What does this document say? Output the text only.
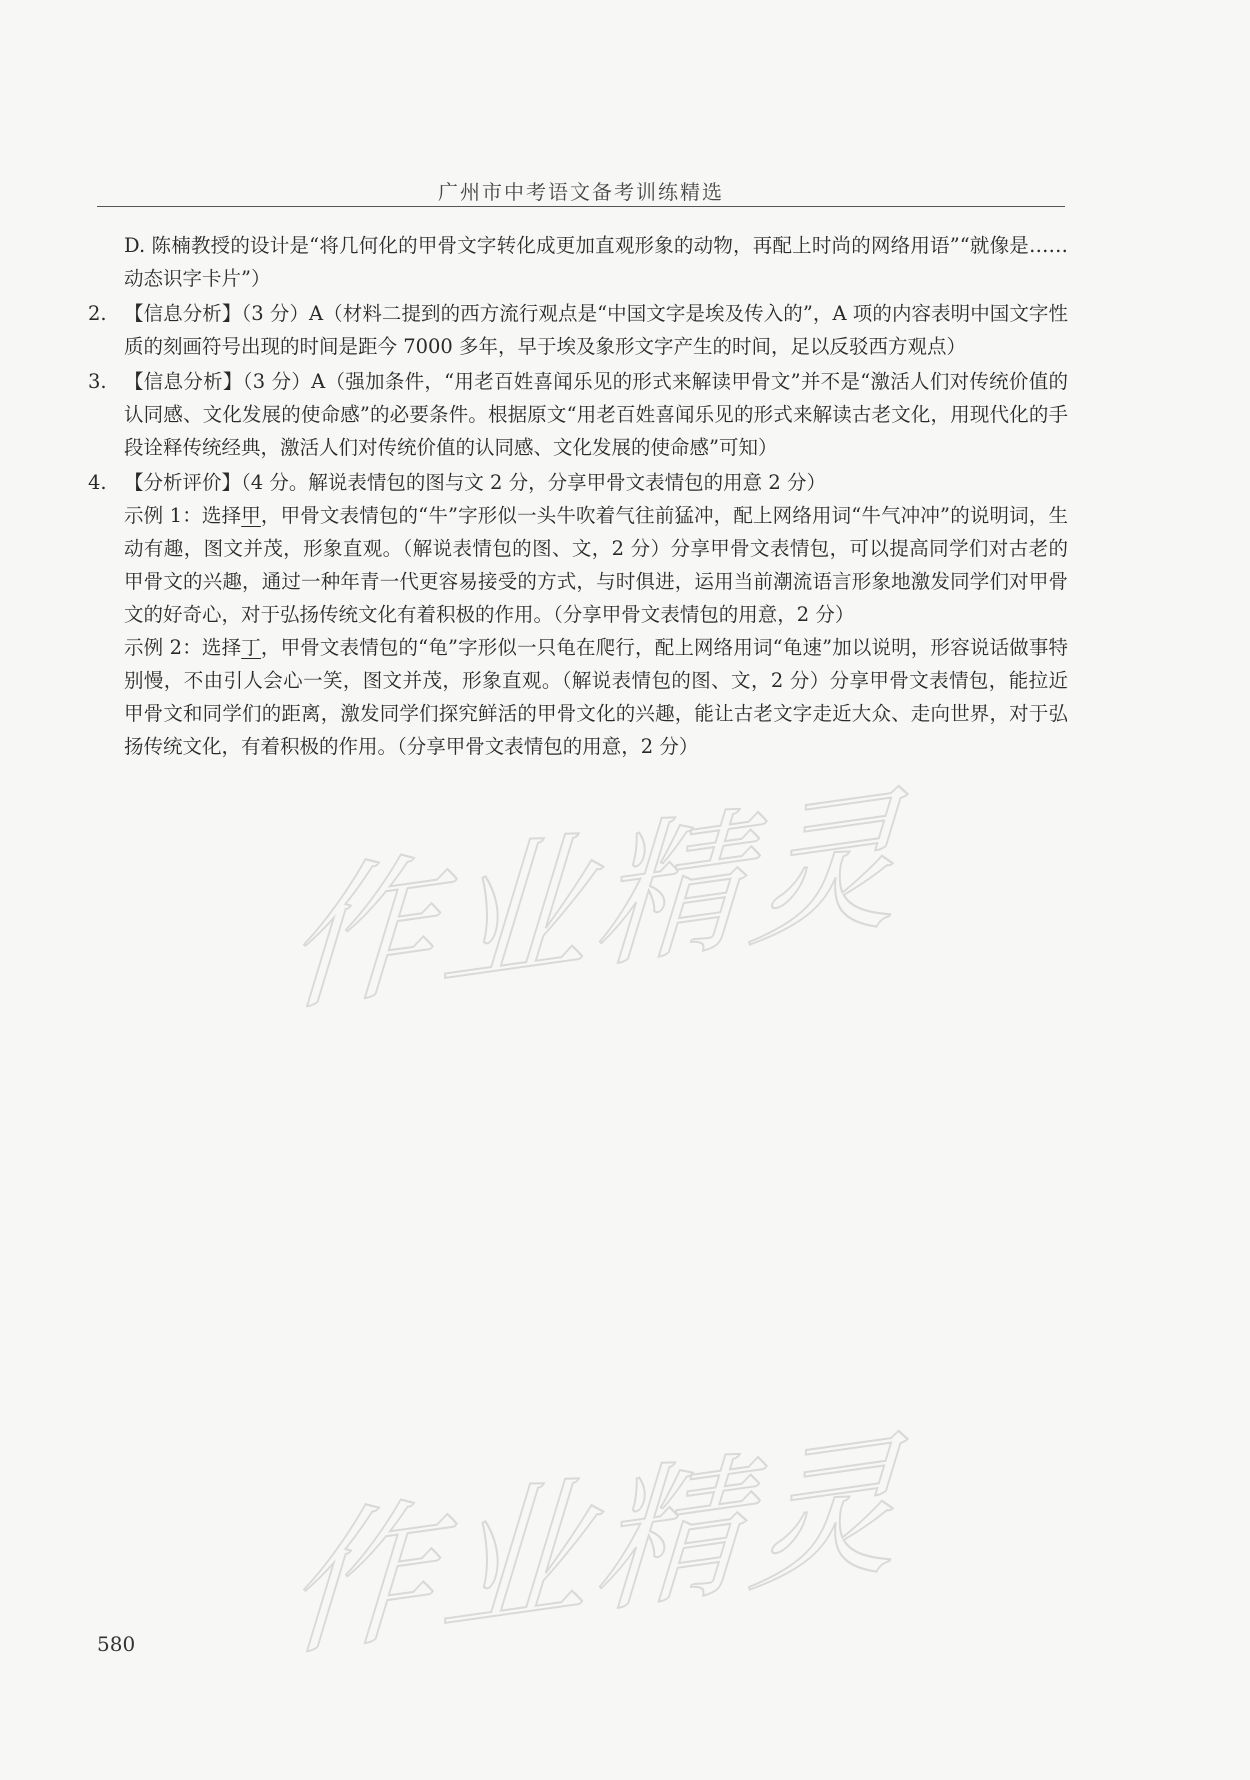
广州市中考语文备考训练精选

D. 陈楠教授的设计是“将几何化的甲骨文字转化成更加直观形象的动物，再配上时尚的网络用语”“就像是……动态识字卡片”）

2. 【信息分析】（3 分）A（材料二提到的西方流行观点是“中国文字是埃及传入的”，A 项的内容表明中国文字性质的刻画符号出现的时间是距今 7000 多年，早于埃及象形文字产生的时间，足以反驳西方观点）

3. 【信息分析】（3 分）A（强加条件，“用老百姓喜闻乐见的形式来解读甲骨文”并不是“激活人们对传统价值的认同感、文化发展的使命感”的必要条件。根据原文“用老百姓喜闻乐见的形式来解读古老文化，用现代化的手段诠释传统经典，激活人们对传统价值的认同感、文化发展的使命感”可知）

4. 【分析评价】（4 分。解说表情包的图与文 2 分，分享甲骨文表情包的用意 2 分）

示例 1：选择甲，甲骨文表情包的“牛”字形似一头牛吹着气往前猛冲，配上网络用词“牛气冲冲”的说明词，生动有趣，图文并茂，形象直观。（解说表情包的图、文，2 分）分享甲骨文表情包，可以提高同学们对古老的甲骨文的兴趣，通过一种年青一代更容易接受的方式，与时俱进，运用当前潮流语言形象地激发同学们对甲骨文的好奇心，对于弘扬传统文化有着积极的作用。（分享甲骨文表情包的用意，2 分）

示例 2：选择丁，甲骨文表情包的“龟”字形似一只龟在爬行，配上网络用词“龟速”加以说明，形容说话做事特别慢，不由引人会心一笑，图文并茂，形象直观。（解说表情包的图、文，2 分）分享甲骨文表情包，能拉近甲骨文和同学们的距离，激发同学们探究鲜活的甲骨文化的兴趣，能让古老文字走近大众、走向世界，对于弘扬传统文化，有着积极的作用。（分享甲骨文表情包的用意，2 分）

作业精灵
作业精灵
580
